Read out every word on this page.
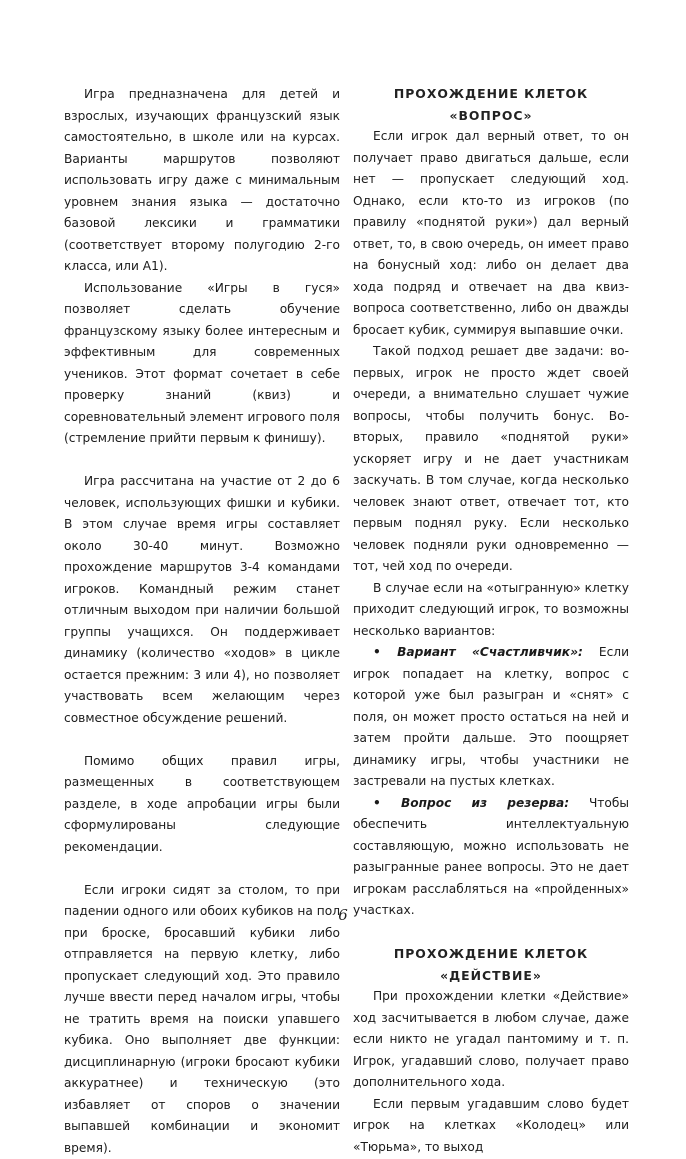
Игра предназначена для детей и взрослых, изучающих французский язык самостоятельно, в школе или на курсах. Варианты маршрутов позволяют использовать игру даже с минимальным уровнем знания языка — достаточно базовой лексики и грамматики (соответствует второму полугодию 2-го класса, или A1).

Использование «Игры в гуся» позволяет сделать обучение французскому языку более интересным и эффективным для современных учеников. Этот формат сочетает в себе проверку знаний (квиз) и соревновательный элемент игрового поля (стремление прийти первым к финишу).

Игра рассчитана на участие от 2 до 6 человек, использующих фишки и кубики. В этом случае время игры составляет около 30-40 минут. Возможно прохождение маршрутов 3-4 командами игроков. Командный режим станет отличным выходом при наличии большой группы учащихся. Он поддерживает динамику (количество «ходов» в цикле остается прежним: 3 или 4), но позволяет участвовать всем желающим через совместное обсуждение решений.

Помимо общих правил игры, размещенных в соответствующем разделе, в ходе апробации игры были сформулированы следующие рекомендации.

Если игроки сидят за столом, то при падении одного или обоих кубиков на пол при броске, бросавший кубики либо отправляется на первую клетку, либо пропускает следующий ход. Это правило лучше ввести перед началом игры, чтобы не тратить время на поиски упавшего кубика. Оно выполняет две функции: дисциплинарную (игроки бросают кубики аккуратнее) и техническую (это избавляет от споров о значении выпавшей комбинации и экономит время).

ПРОХОЖДЕНИЕ КЛЕТОК «ВОПРОС»

Если игрок дал верный ответ, то он получает право двигаться дальше, если нет — пропускает следующий ход. Однако, если кто-то из игроков (по правилу «поднятой руки») дал верный ответ, то, в свою очередь, он имеет право на бонусный ход: либо он делает два хода подряд и отвечает на два квиз-вопроса соответственно, либо он дважды бросает кубик, суммируя выпавшие очки.

Такой подход решает две задачи: во-первых, игрок не просто ждет своей очереди, а внимательно слушает чужие вопросы, чтобы получить бонус. Во-вторых, правило «поднятой руки» ускоряет игру и не дает участникам заскучать. В том случае, когда несколько человек знают ответ, отвечает тот, кто первым поднял руку. Если несколько человек подняли руки одновременно — тот, чей ход по очереди.

В случае если на «отыгранную» клетку приходит следующий игрок, то возможны несколько вариантов:

• Вариант «Счастливчик»: Если игрок попадает на клетку, вопрос с которой уже был разыгран и «снят» с поля, он может просто остаться на ней и затем пройти дальше. Это поощряет динамику игры, чтобы участники не застревали на пустых клетках.

• Вопрос из резерва: Чтобы обеспечить интеллектуальную составляющую, можно использовать не разыгранные ранее вопросы. Это не дает игрокам расслабляться на «пройденных» участках.

ПРОХОЖДЕНИЕ КЛЕТОК «ДЕЙСТВИЕ»

При прохождении клетки «Действие» ход засчитывается в любом случае, даже если никто не угадал пантомиму и т. п. Игрок, угадавший слово, получает право дополнительного хода.

Если первым угадавшим слово будет игрок на клетках «Колодец» или «Тюрьма», то выход

6
